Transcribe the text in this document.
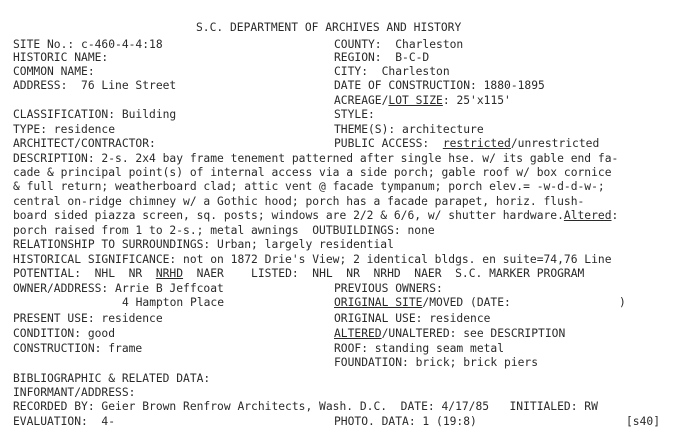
S.C. DEPARTMENT OF ARCHIVES AND HISTORY
SITE No.: c-460-4-4:18
HISTORIC NAME:
COMMON NAME:
ADDRESS:  76 Line Street
CLASSIFICATION: Building
TYPE: residence
ARCHITECT/CONTRACTOR:
COUNTY:  Charleston
REGION:  B-C-D
CITY:  Charleston
DATE OF CONSTRUCTION: 1880-1895
ACREAGE/LOT SIZE: 25'x115'
STYLE:
THEME(S): architecture
PUBLIC ACCESS:  restricted/unrestricted
DESCRIPTION: 2-s. 2x4 bay frame tenement patterned after single hse. w/ its gable end fa-
cade & principal point(s) of internal access via a side porch; gable roof w/ box cornice
& full return; weatherboard clad; attic vent @ facade tympanum; porch elev.= -w-d-d-w-;
central on-ridge chimney w/ a Gothic hood; porch has a facade parapet, horiz. flush-
board sided piazza screen, sq. posts; windows are 2/2 & 6/6, w/ shutter hardware.Altered:
porch raised from 1 to 2-s.; metal awnings  OUTBUILDINGS: none
RELATIONSHIP TO SURROUNDINGS: Urban; largely residential
HISTORICAL SIGNIFICANCE: not on 1872 Drie's View; 2 identical bldgs. en suite=74,76 Line
POTENTIAL:  NHL  NR  NRHD  NAER    LISTED:  NHL  NR  NRHD  NAER  S.C. MARKER PROGRAM
OWNER/ADDRESS: Arrie B Jeffcoat
4 Hampton Place
PREVIOUS OWNERS:
ORIGINAL SITE/MOVED (DATE:	)
PRESENT USE: residence	ORIGINAL USE: residence
CONDITION: good	ALTERED/UNALTERED: see DESCRIPTION
CONSTRUCTION: frame	ROOF: standing seam metal
FOUNDATION: brick; brick piers
BIBLIOGRAPHIC & RELATED DATA:
INFORMANT/ADDRESS:
RECORDED BY: Geier Brown Renfrow Architects, Wash. D.C.  DATE: 4/17/85   INITIALED: RW
EVALUATION:  4-	PHOTO. DATA: 1 (19:8)	[s40]
